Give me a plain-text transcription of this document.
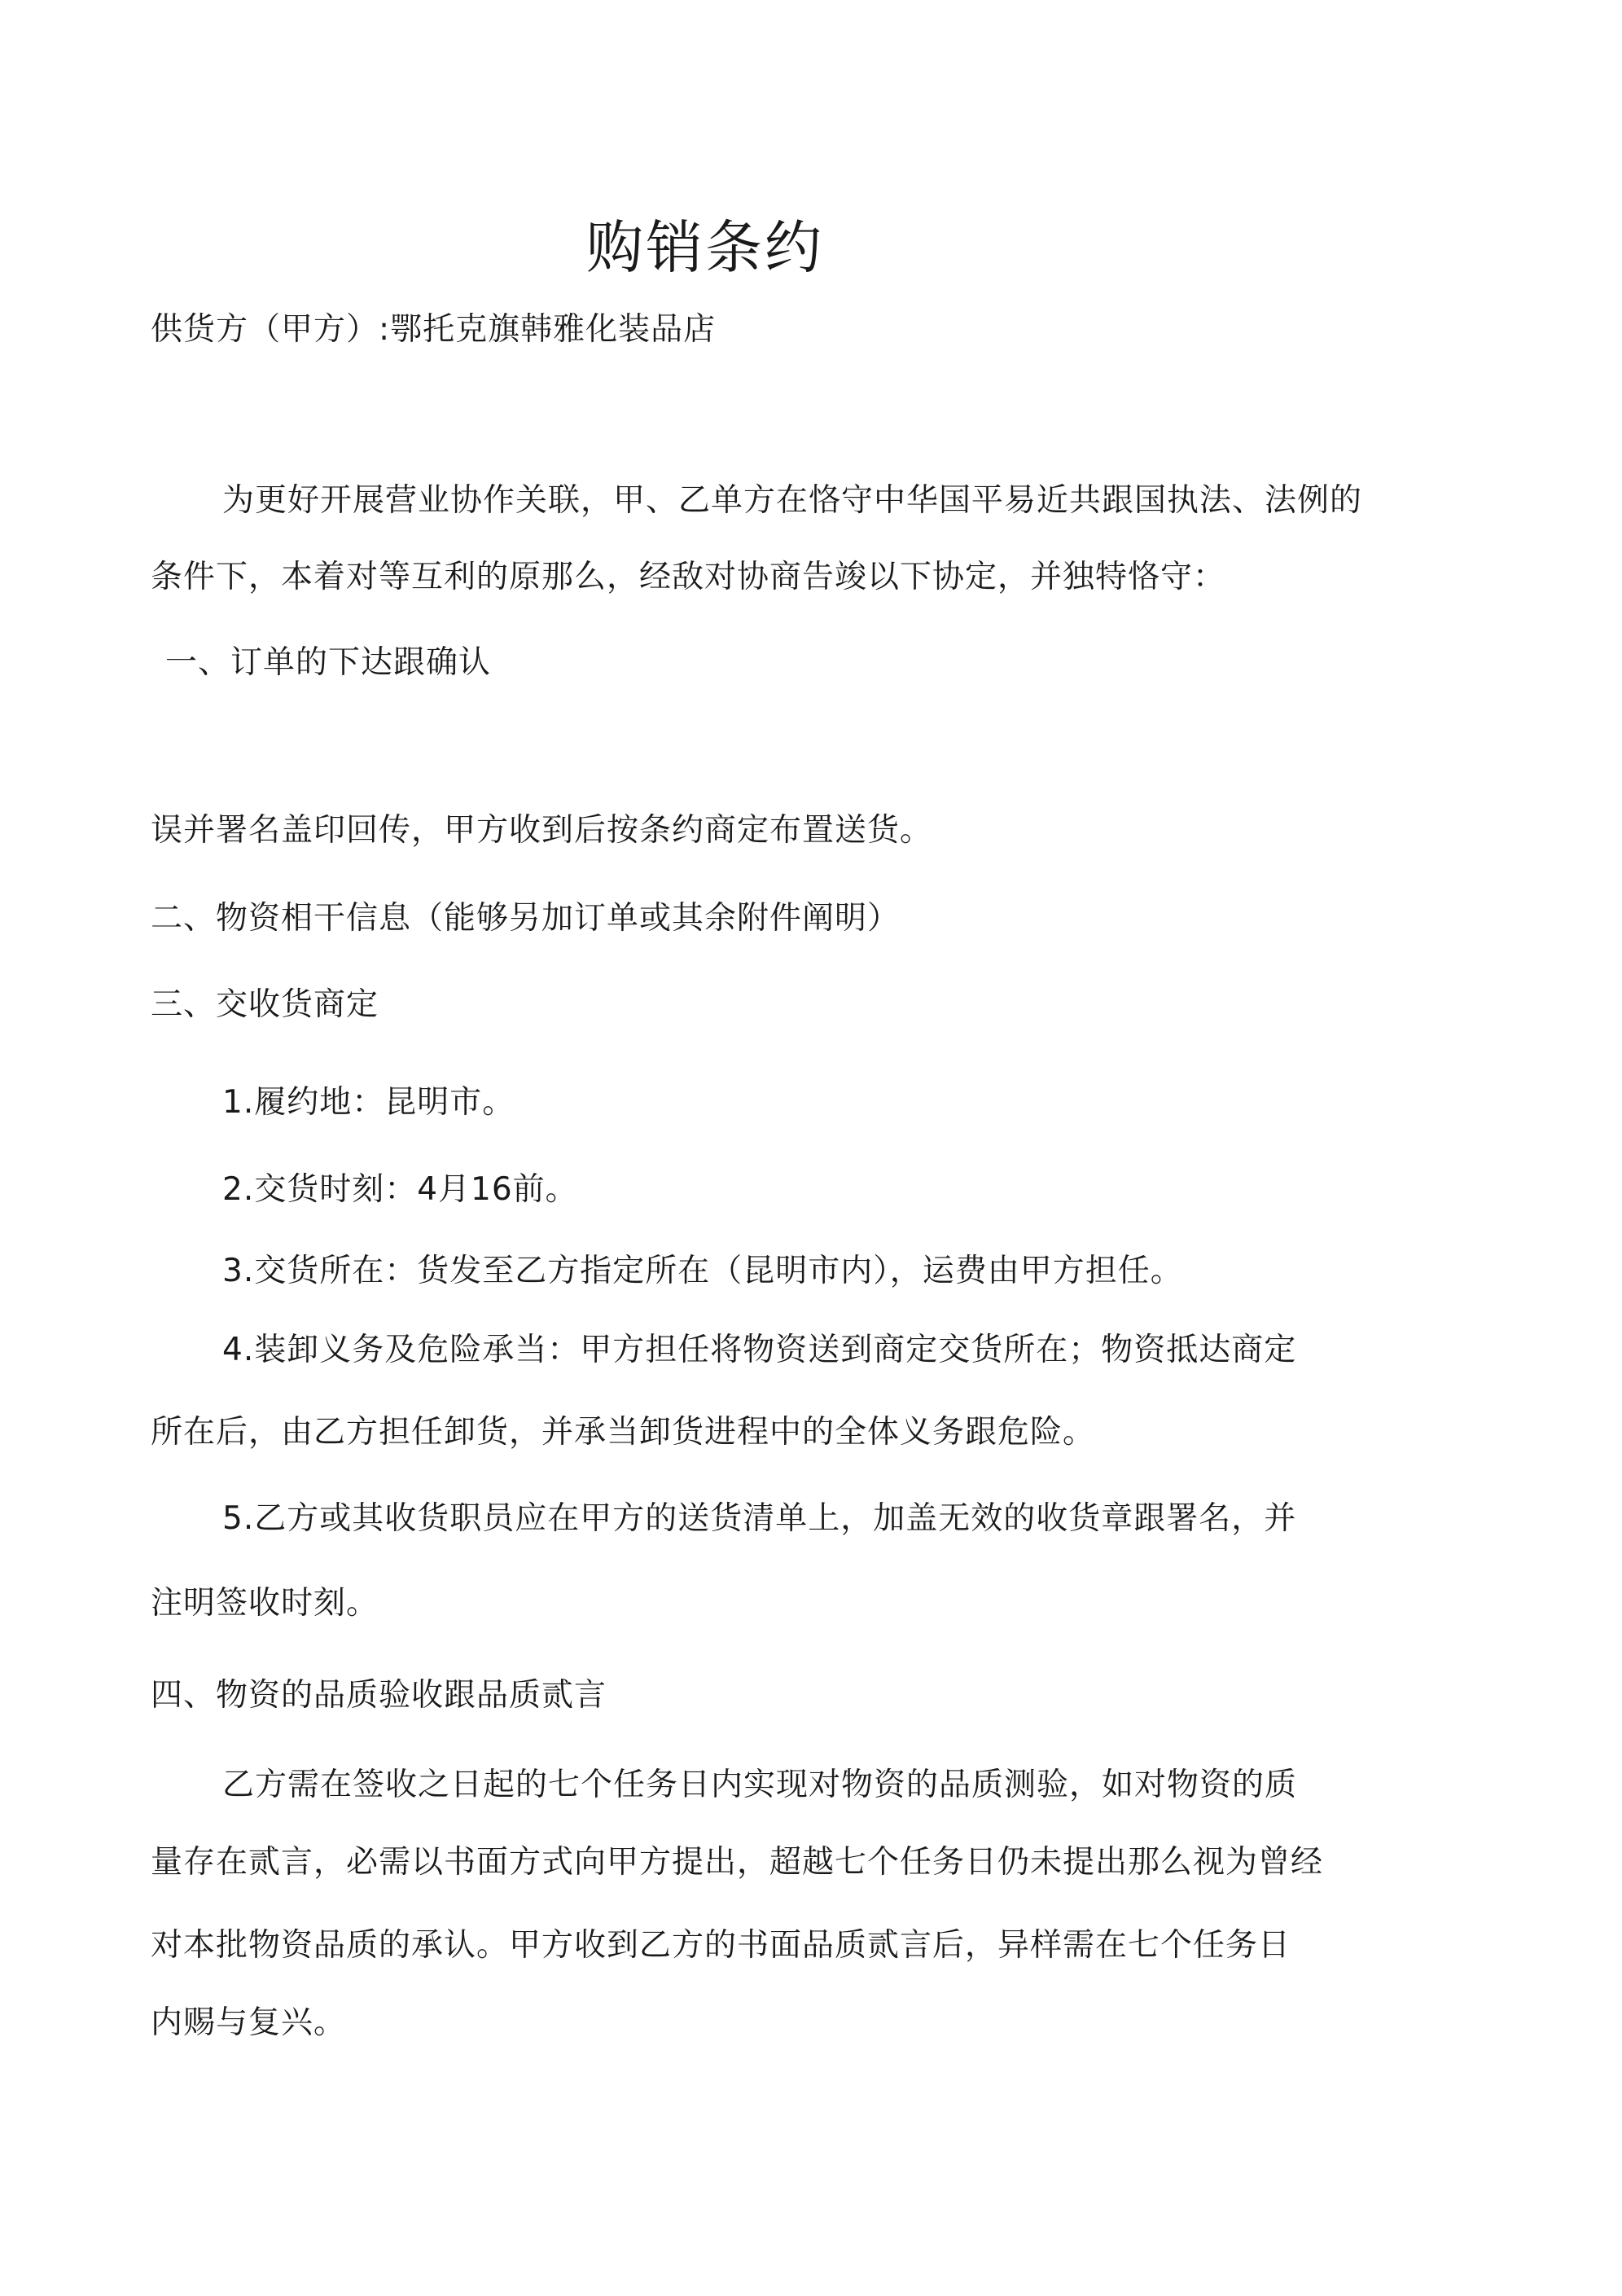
购销条约
供货方（甲方）:鄂托克旗韩雅化装品店
为更好开展营业协作关联，甲、乙单方在恪守中华国平易近共跟国执法、法例的
条件下，本着对等互利的原那么，经敌对协商告竣以下协定，并独特恪守：
一、订单的下达跟确认
误并署名盖印回传，甲方收到后按条约商定布置送货。
二、物资相干信息（能够另加订单或其余附件阐明）
三、交收货商定
1.履约地：昆明市。
2.交货时刻：4月16前。
3.交货所在：货发至乙方指定所在（昆明市内），运费由甲方担任。
4.装卸义务及危险承当：甲方担任将物资送到商定交货所在；物资抵达商定
所在后，由乙方担任卸货，并承当卸货进程中的全体义务跟危险。
5.乙方或其收货职员应在甲方的送货清单上，加盖无效的收货章跟署名，并
注明签收时刻。
四、物资的品质验收跟品质贰言
乙方需在签收之日起的七个任务日内实现对物资的品质测验，如对物资的质
量存在贰言，必需以书面方式向甲方提出，超越七个任务日仍未提出那么视为曾经
对本批物资品质的承认。甲方收到乙方的书面品质贰言后，异样需在七个任务日
内赐与复兴。
